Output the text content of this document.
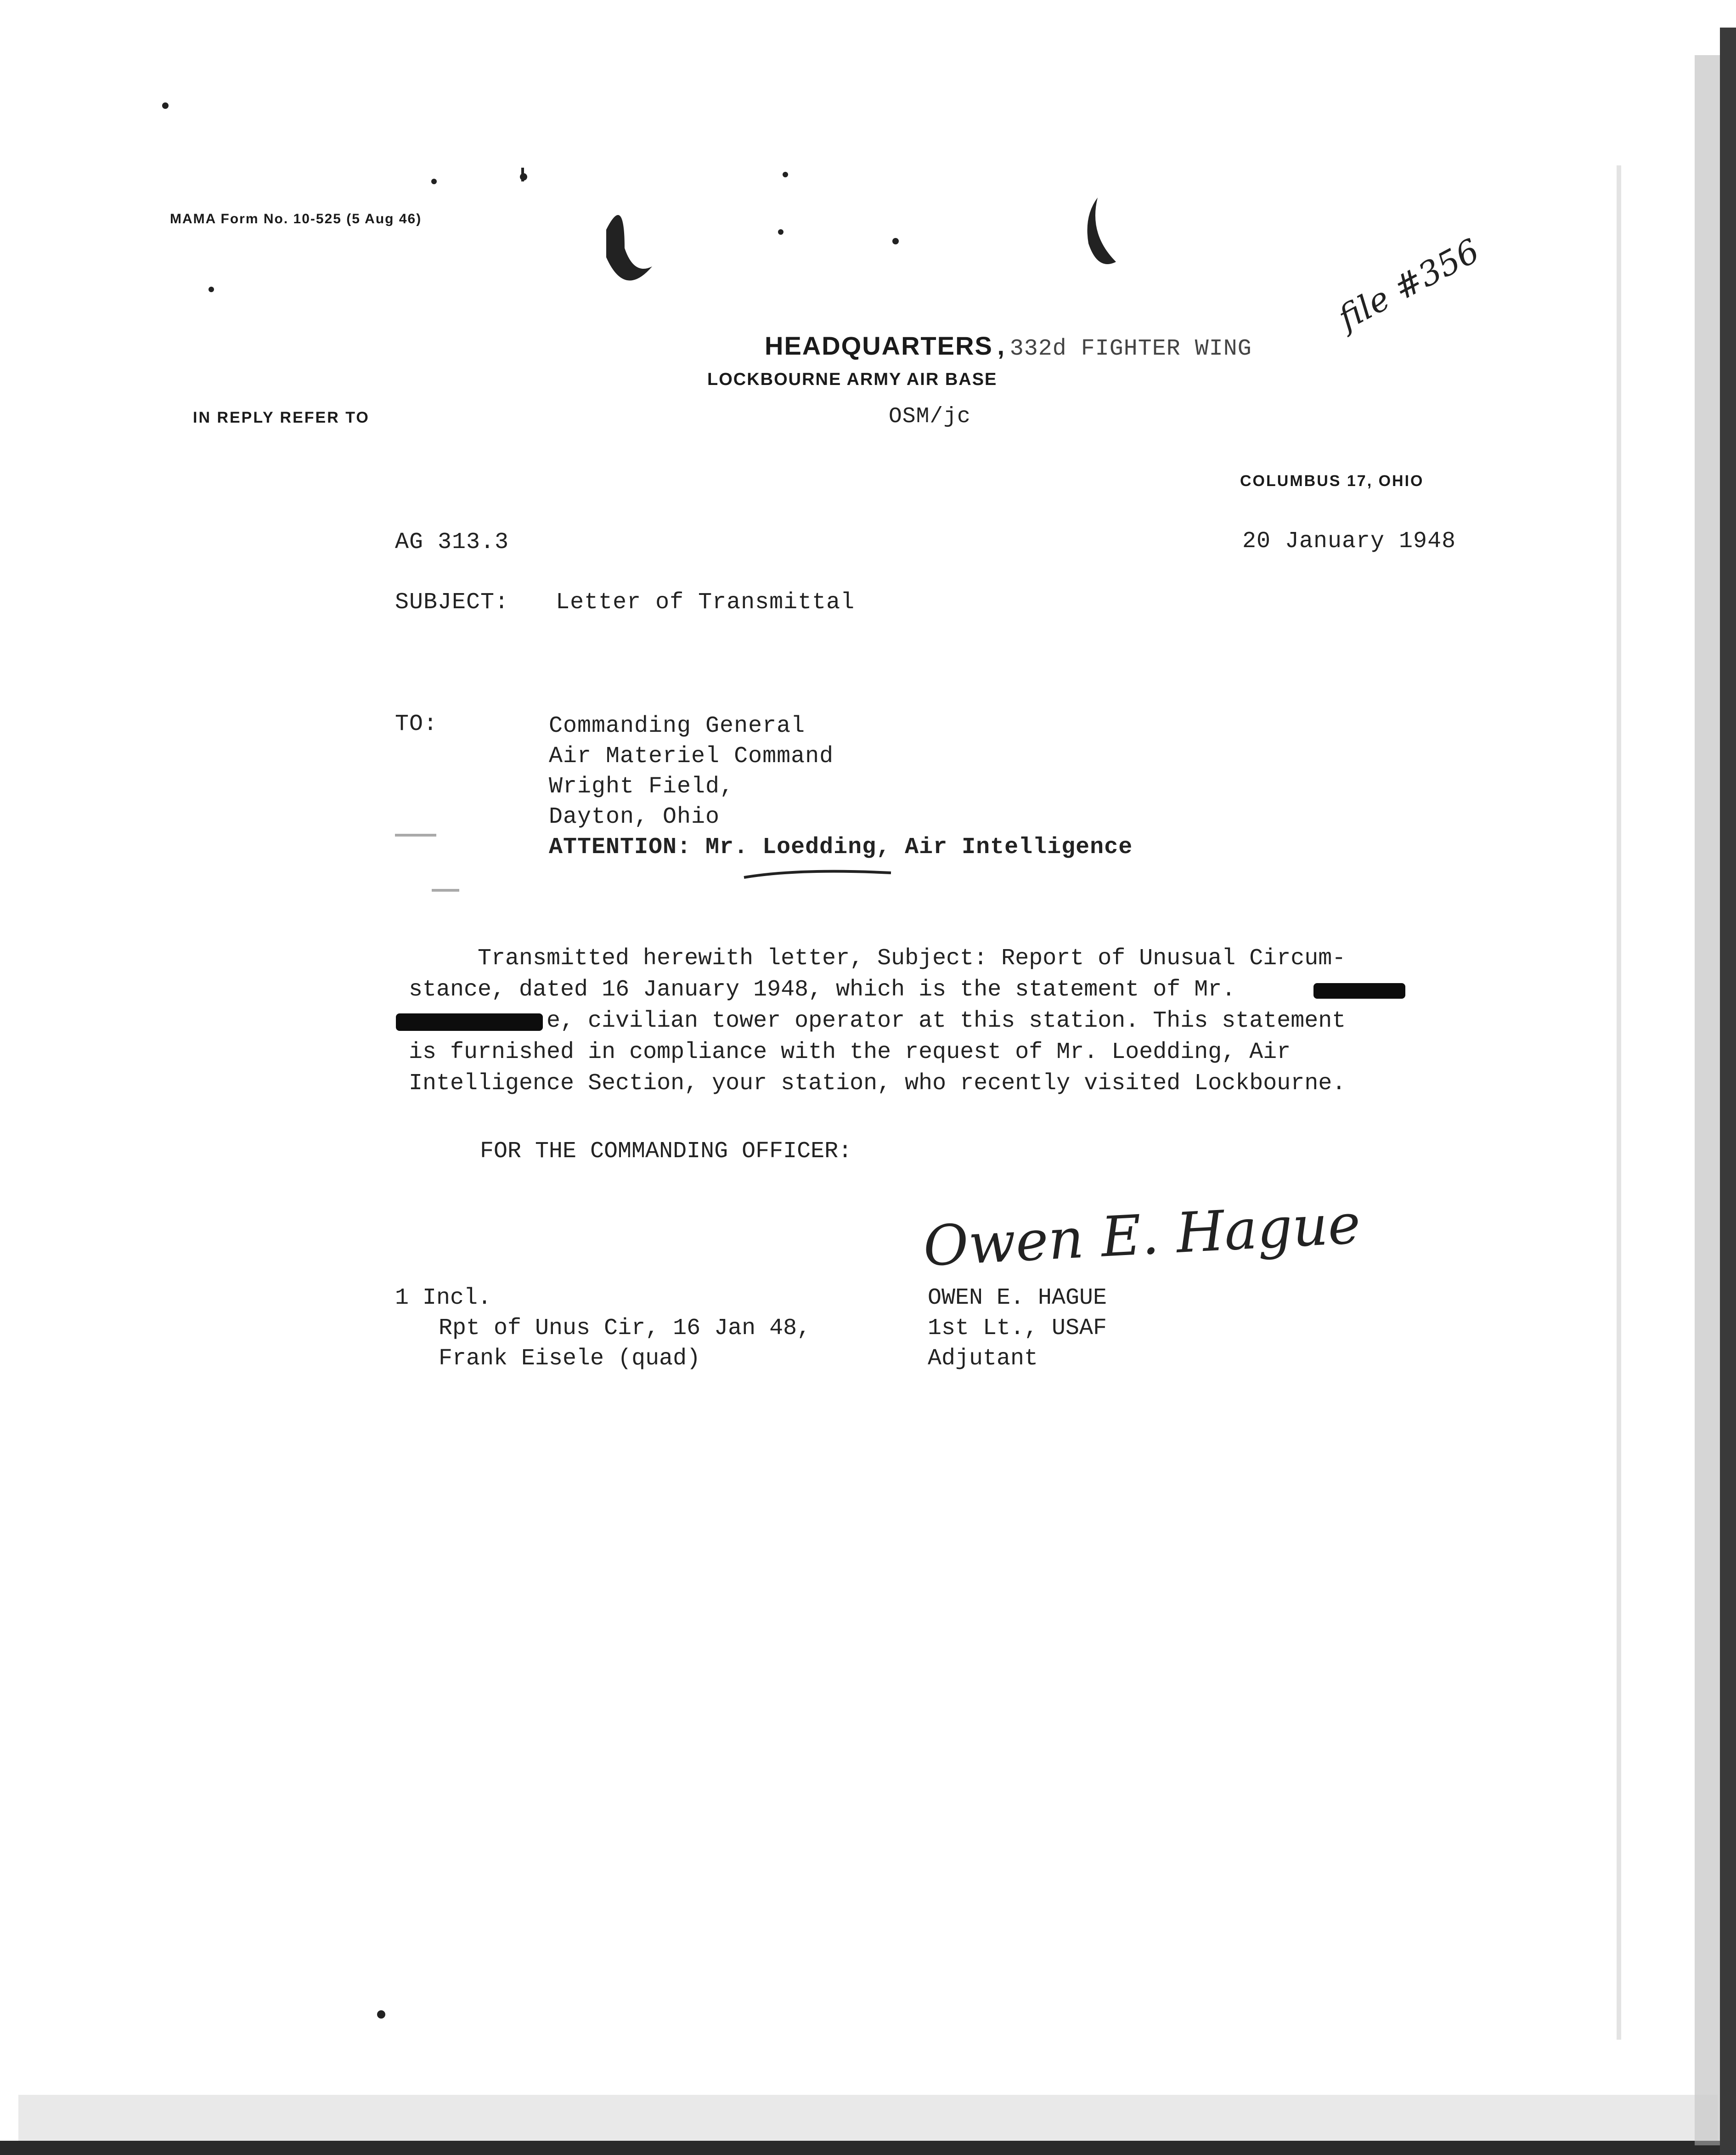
MAMA Form No. 10-525 (5 Aug 46)
HEADQUARTERS , 332d FIGHTER WING
LOCKBOURNE ARMY AIR BASE
OSM/jc
IN REPLY REFER TO
COLUMBUS 17, OHIO
file #356
AG 313.3	20 January 1948
SUBJECT: Letter of Transmittal
TO:	Commanding General
Air Materiel Command
Wright Field,
Dayton, Ohio
ATTENTION: Mr. Loedding, Air Intelligence
Transmitted herewith letter, Subject: Report of Unusual Circum-
stance, dated 16 January 1948, which is the statement of Mr.
e, civilian tower operator at this station. This statement
is furnished in compliance with the request of Mr. Loedding, Air
Intelligence Section, your station, who recently visited Lockbourne.
FOR THE COMMANDING OFFICER:
Owen E. Hague
OWEN E. HAGUE
1st Lt., USAF
Adjutant
1 Incl.
Rpt of Unus Cir, 16 Jan 48,
Frank Eisele (quad)
